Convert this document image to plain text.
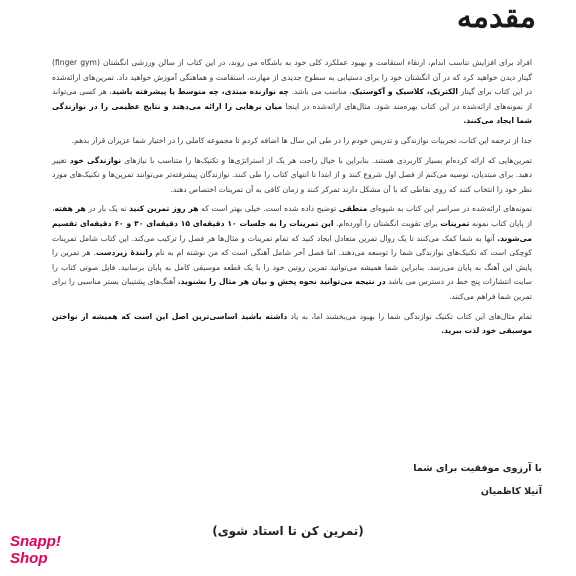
مقدمه

افراد برای افزایش تناسب اندام، ارتقاء استقامت و بهبود عملکرد کلی خود به باشگاه می روند، در این کتاب از سالن ورزشی انگشتان (finger gym) گیتار دیدن خواهید کرد که در آن انگشتان خود را برای دستیابی به سطوح جدیدی از مهارت، استقامت و هماهنگی آموزش خواهید داد. تمرین‌های ارائه‌شده در این کتاب برای گیتار الکتریک، کلاسیک و آکوستیک، مناسب می باشد. چه نوازنده مبتدی، چه متوسط یا پیشرفته باشید، هر کسی می‌تواند از نمونه‌های ارائه‌شده در این کتاب بهره‌مند شود. مثال‌های ارائه‌شده در اینجا میان برهایی را ارائه می‌دهند و نتایج عظیمی را در نوازندگی شما ایجاد می‌کنند.

جدا از ترجمه این کتاب، تجربیات نوازندگی و تدریس خودم را در طی این سال ها اضافه کردم تا مجموعه کاملی را در اختیار شما عزیزان قرار بدهم.

تمرین‌هایی که ارائه کرده‌ام بسیار کاربردی هستند. بنابراین با خیال راحت هر یک از استراتژی‌ها و تکنیک‌ها را متناسب با نیازهای نوازندگی خود تغییر دهید. برای مبتدیان، توصیه می‌کنم از فصل اول شروع کنند و از ابتدا تا انتهای کتاب را طی کنند. نوازندگان پیشرفته‌تر می‌توانند تمرین‌ها و تکنیک‌های مورد نظر خود را انتخاب کنند که روی نقاطی که با آن مشکل دارند تمرکز کنند و زمان کافی به آن تمرینات اختصاص دهند.

نمونه‌های ارائه‌شده در سراسر این کتاب به شیوه‌ای منطقی توضیح داده شده است. خیلی بهتر است که هر روز تمرین کنید نه یک بار در هر هفته، از پایان کتاب نمونه تمرینات برای تقویت انگشتان را آورده‌ام. این تمرینات را به جلسات ۱۰ دقیقه‌ای ۱۵ دقیقه‌ای ۳۰ و ۶۰ دقیقه‌ای تقسیم می‌شوند. آنها به شما کمک می‌کنند تا یک روال تمرین متعادل ایجاد کنید که تمام تمرینات و مثال‌ها هر فصل را ترکیب می‌کند. این کتاب شامل تمرینات کوچکی است که تکنیک‌های نوازندگی شما را توسعه می‌دهند. اما فصل آخر شامل آهنگی است که من نوشته ام به نام رانندۀ زیردست. هر تمرین را پایش این آهنگ به پایان می‌رسد. بنابراین شما همیشه می‌توانید تمرین روتین خود را با یک قطعه موسیقی کامل به پایان برسانید. فایل صوتی کتاب را سایت انتشارات پنج خط در دسترس می باشد در نتیجه می‌توانید نحوه پخش و بیان هر مثال را بشنوید. آهنگ‌های پشتیبان بستر مناسبی را برای تمرین شما فراهم می‌کنند.

تمام مثال‌های این کتاب تکنیک نوازندگی شما را بهبود می‌بخشند اما، به یاد داشته باشید اساسی‌ترین اصل این است که همیشه از نواختن موسیقی خود لذت ببرید.

با آرزوی موفقیت برای شما
آتیلا کاظمیان
(تمرین کن تا استاد شوی)
Snapp!
Shop
